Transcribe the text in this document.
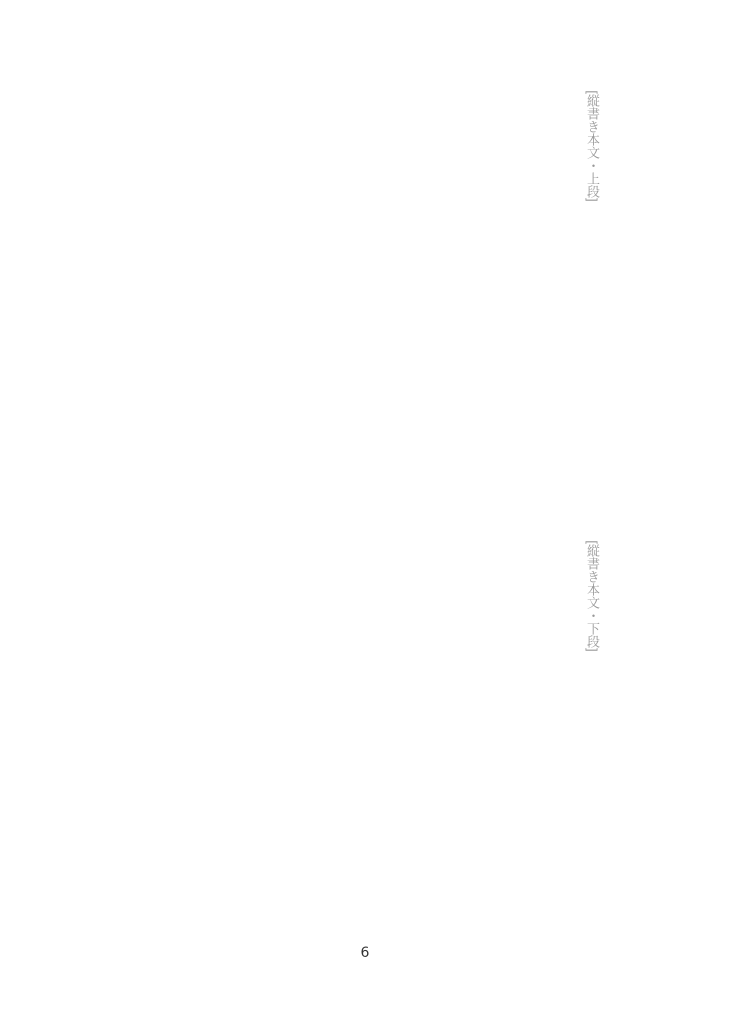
[縦書き本文・上段]

[縦書き本文・下段]

6
